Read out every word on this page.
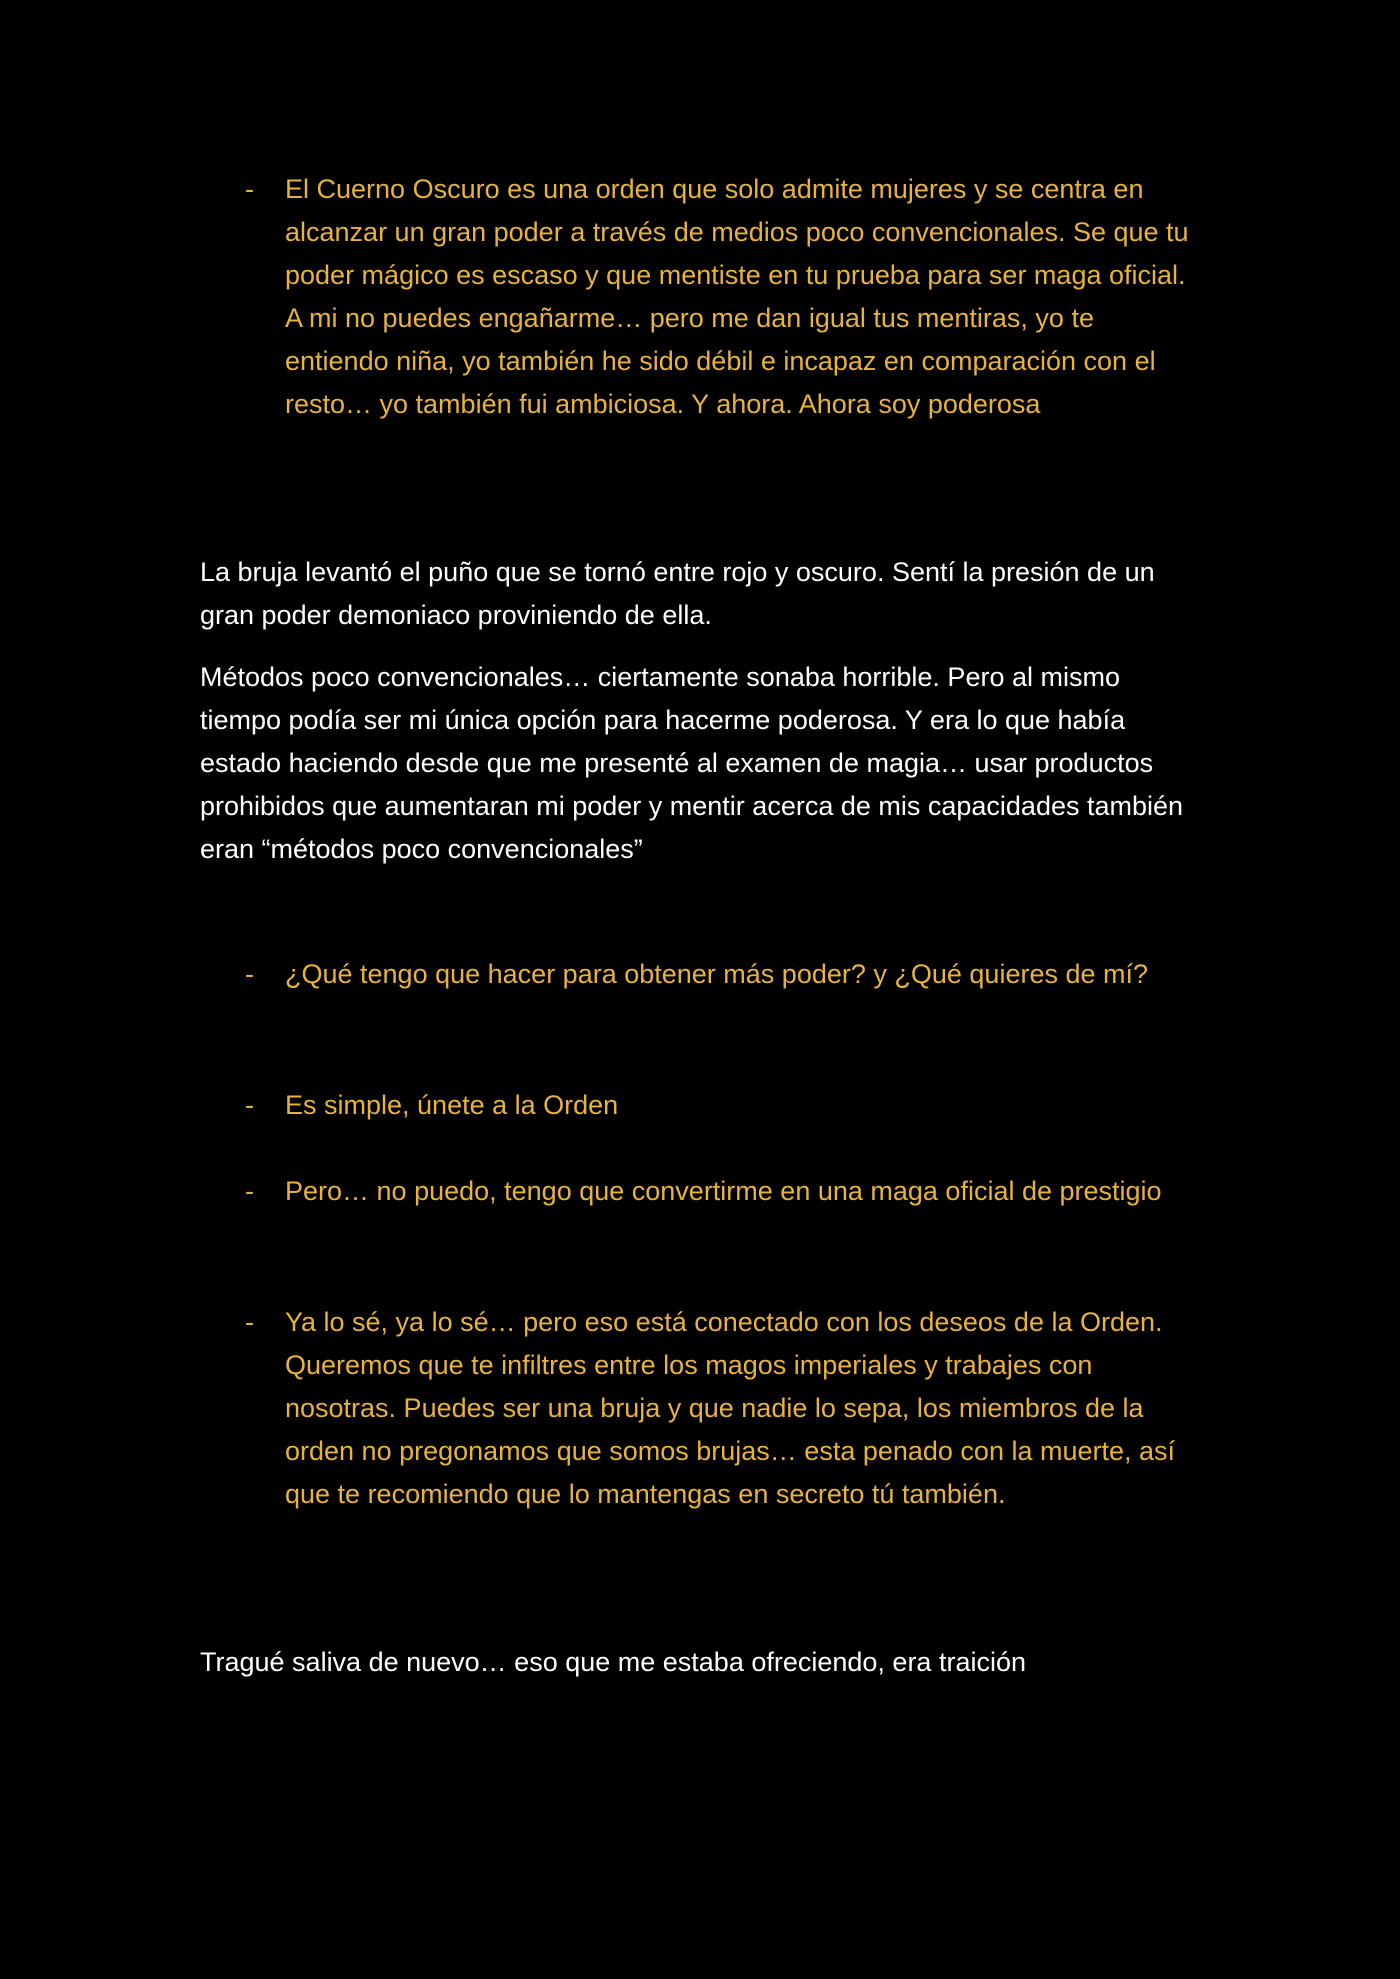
-	El Cuerno Oscuro es una orden que solo admite mujeres y se centra en alcanzar un gran poder a través de medios poco convencionales. Se que tu poder mágico es escaso y que mentiste en tu prueba para ser maga oficial. A mi no puedes engañarme… pero me dan igual tus mentiras, yo te entiendo niña, yo también he sido débil e incapaz en comparación con el resto… yo también fui ambiciosa. Y ahora. Ahora soy poderosa
La bruja levantó el puño que se tornó entre rojo y oscuro. Sentí la presión de un gran poder demoniaco proviniendo de ella.
Métodos poco convencionales… ciertamente sonaba horrible. Pero al mismo tiempo podía ser mi única opción para hacerme poderosa. Y era lo que había estado haciendo desde que me presenté al examen de magia… usar productos prohibidos que aumentaran mi poder y mentir acerca de mis capacidades también eran “métodos poco convencionales”
-	¿Qué tengo que hacer para obtener más poder? y ¿Qué quieres de mí?
-	Es simple, únete a la Orden
-	Pero… no puedo, tengo que convertirme en una maga oficial de prestigio
-	Ya lo sé, ya lo sé… pero eso está conectado con los deseos de la Orden. Queremos que te infiltres entre los magos imperiales y trabajes con nosotras. Puedes ser una bruja y que nadie lo sepa, los miembros de la orden no pregonamos que somos brujas… esta penado con la muerte, así que te recomiendo que lo mantengas en secreto tú también.
Tragué saliva de nuevo… eso que me estaba ofreciendo, era traición
